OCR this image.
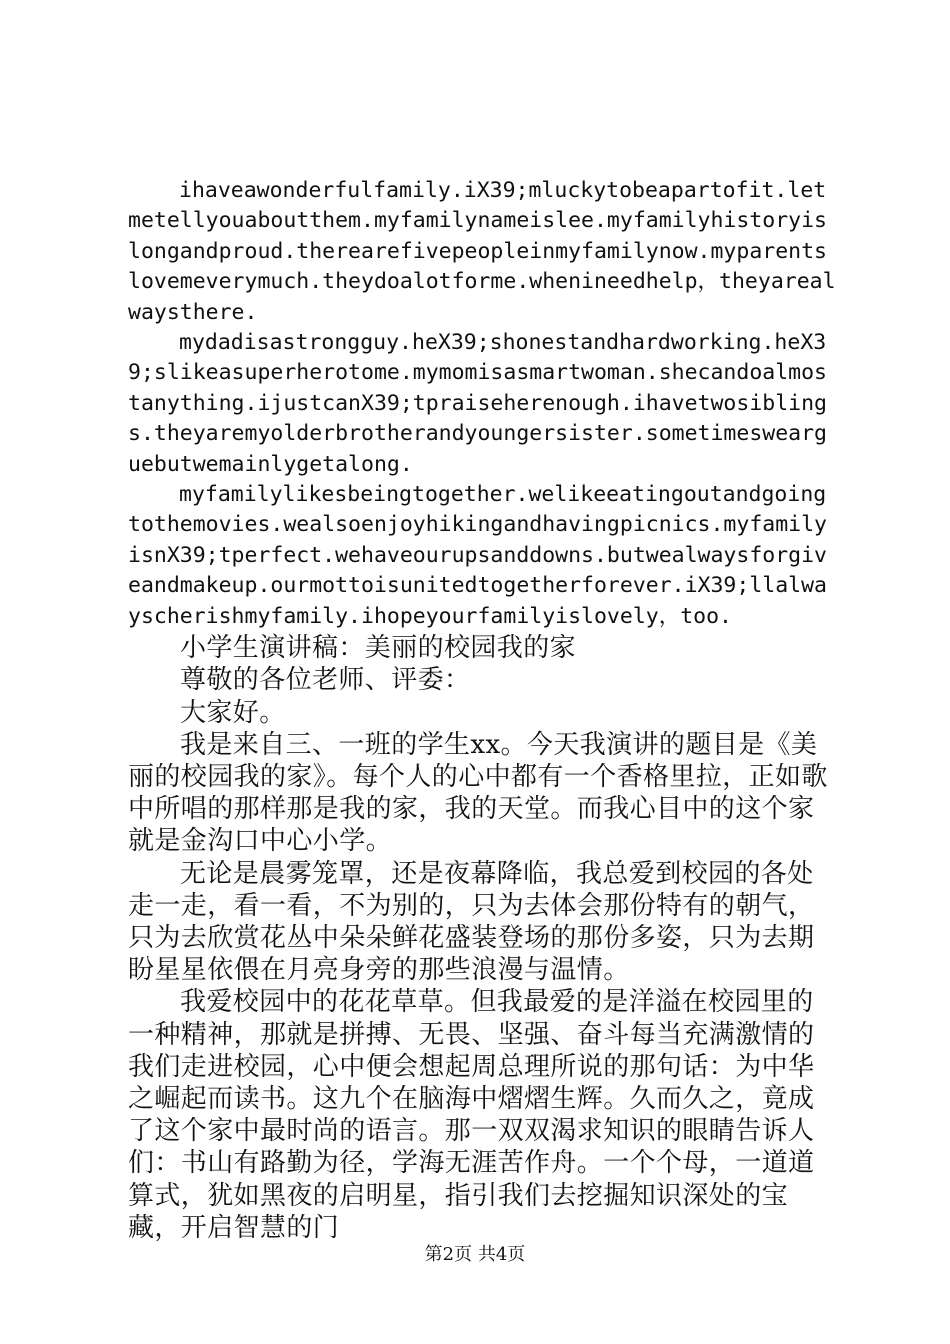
ihaveawonderfulfamily.iX39;mluckytobeapartofit.letmetellyouaboutthem.myfamilynameislee.myfamilyhistoryislongandproud.therearefivepeopleinmyfamilynow.myparentslovemeverymuch.theydoalotforme.whenineedhelp，theyarealwaysthere.

mydadisastrongguy.heX39;shonestandhardworking.heX39;slikeasuperherotome.mymomisasmartwoman.shecandoalmostanything.ijustcanX39;tpraiseherenough.ihavetwosiblings.theyaremyolderbrotherandyoungersister.sometimeswearguebutwemainlygetalong.

myfamilylikesbeingtogether.welikeeatingoutandgoingtothemovies.wealsoenjoyhikingandhavingpicnics.myfamilyisnX39;tperfect.wehaveourupsanddowns.butwealwaysforgiveandmakeup.ourmottoisunitedtogetherforever.iX39;llalwayscherishmyfamily.ihopeyourfamilyislovely，too.

小学生演讲稿：美丽的校园我的家

尊敬的各位老师、评委：

大家好。

我是来自三、一班的学生xx。今天我演讲的题目是《美丽的校园我的家》。每个人的心中都有一个香格里拉，正如歌中所唱的那样那是我的家，我的天堂。而我心目中的这个家就是金沟口中心小学。

无论是晨雾笼罩，还是夜幕降临，我总爱到校园的各处走一走，看一看，不为别的，只为去体会那份特有的朝气，只为去欣赏花丛中朵朵鲜花盛装登场的那份多姿，只为去期盼星星依偎在月亮身旁的那些浪漫与温情。

我爱校园中的花花草草。但我最爱的是洋溢在校园里的一种精神，那就是拼搏、无畏、坚强、奋斗每当充满激情的我们走进校园，心中便会想起周总理所说的那句话：为中华之崛起而读书。这九个在脑海中熠熠生辉。久而久之，竟成了这个家中最时尚的语言。那一双双渴求知识的眼睛告诉人们：书山有路勤为径，学海无涯苦作舟。一个个母，一道道算式，犹如黑夜的启明星，指引我们去挖掘知识深处的宝藏，开启智慧的门

第2页 共4页
